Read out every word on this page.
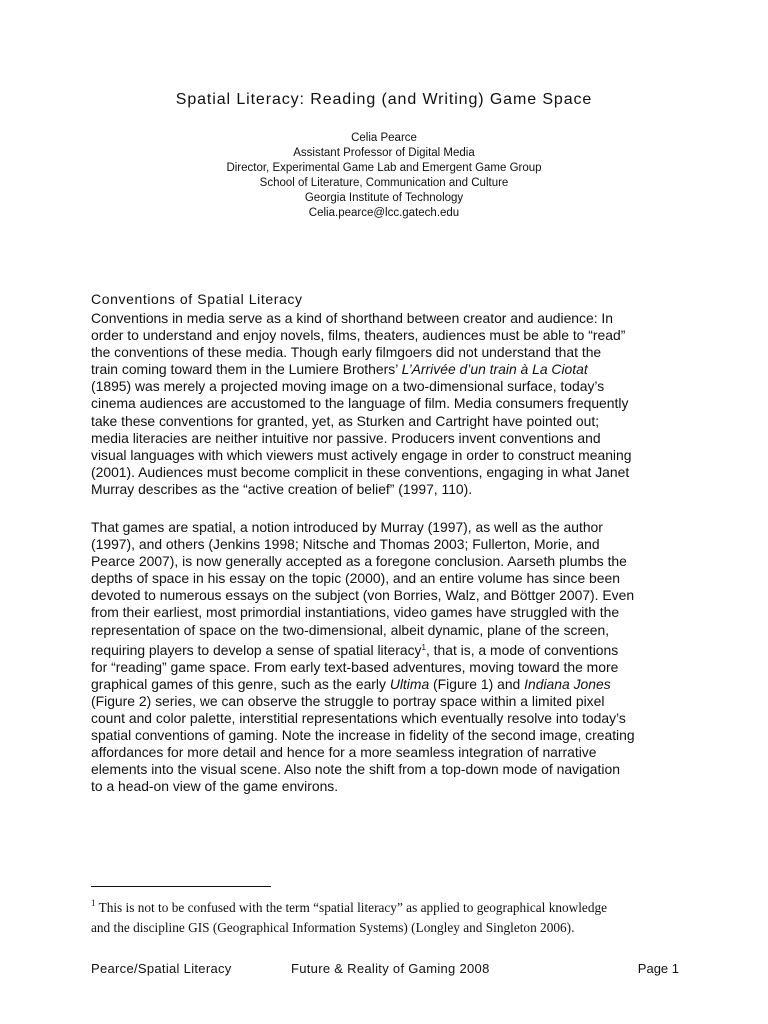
Spatial Literacy: Reading (and Writing) Game Space
Celia Pearce
Assistant Professor of Digital Media
Director, Experimental Game Lab and Emergent Game Group
School of Literature, Communication and Culture
Georgia Institute of Technology
Celia.pearce@lcc.gatech.edu
Conventions of Spatial Literacy
Conventions in media serve as a kind of shorthand between creator and audience: In
order to understand and enjoy novels, films, theaters, audiences must be able to “read”
the conventions of these media. Though early filmgoers did not understand that the
train coming toward them in the Lumiere Brothers’ L’Arrivée d’un train à La Ciotat
(1895) was merely a projected moving image on a two-dimensional surface, today’s
cinema audiences are accustomed to the language of film. Media consumers frequently
take these conventions for granted, yet, as Sturken and Cartright have pointed out;
media literacies are neither intuitive nor passive. Producers invent conventions and
visual languages with which viewers must actively engage in order to construct meaning
(2001). Audiences must become complicit in these conventions, engaging in what Janet
Murray describes as the “active creation of belief” (1997, 110).
That games are spatial, a notion introduced by Murray (1997), as well as the author
(1997), and others (Jenkins 1998; Nitsche and Thomas 2003; Fullerton, Morie, and
Pearce 2007), is now generally accepted as a foregone conclusion. Aarseth plumbs the
depths of space in his essay on the topic (2000), and an entire volume has since been
devoted to numerous essays on the subject (von Borries, Walz, and Böttger 2007). Even
from their earliest, most primordial instantiations, video games have struggled with the
representation of space on the two-dimensional, albeit dynamic, plane of the screen,
requiring players to develop a sense of spatial literacy$^1$, that is, a mode of conventions
for “reading” game space. From early text-based adventures, moving toward the more
graphical games of this genre, such as the early Ultima (Figure 1) and Indiana Jones
(Figure 2) series, we can observe the struggle to portray space within a limited pixel
count and color palette, interstitial representations which eventually resolve into today’s
spatial conventions of gaming. Note the increase in fidelity of the second image, creating
affordances for more detail and hence for a more seamless integration of narrative
elements into the visual scene. Also note the shift from a top-down mode of navigation
to a head-on view of the game environs.
$^1$ This is not to be confused with the term “spatial literacy” as applied to geographical knowledge
and the discipline GIS (Geographical Information Systems) (Longley and Singleton 2006).
Pearce/Spatial Literacy	Future & Reality of Gaming 2008	Page 1
